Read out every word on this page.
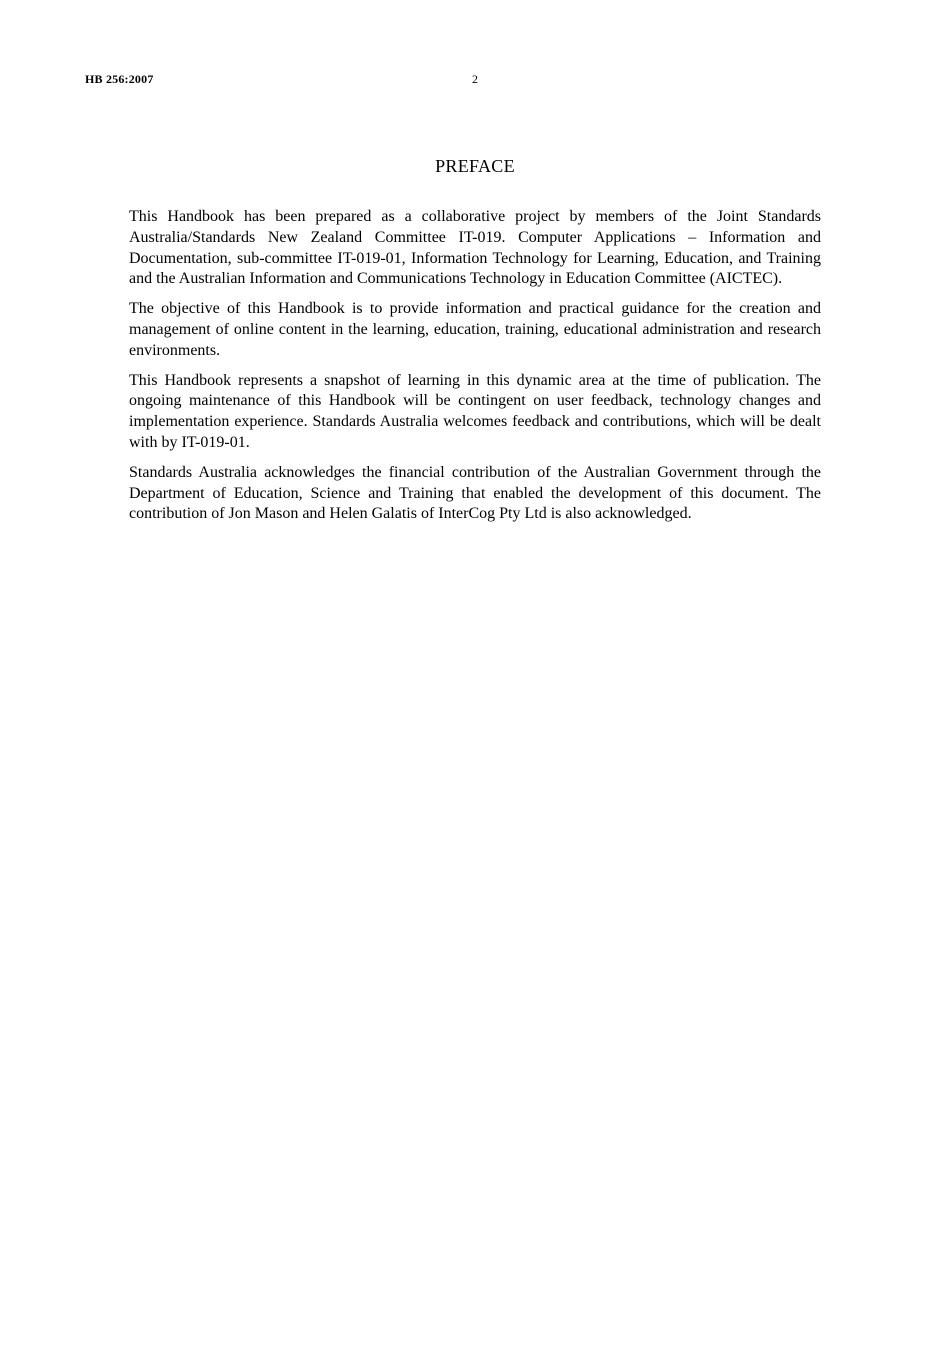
HB 256:2007	2
PREFACE

This Handbook has been prepared as a collaborative project by members of the Joint Standards Australia/Standards New Zealand Committee IT-019. Computer Applications – Information and Documentation, sub-committee IT-019-01, Information Technology for Learning, Education, and Training and the Australian Information and Communications Technology in Education Committee (AICTEC).

The objective of this Handbook is to provide information and practical guidance for the creation and management of online content in the learning, education, training, educational administration and research environments.

This Handbook represents a snapshot of learning in this dynamic area at the time of publication. The ongoing maintenance of this Handbook will be contingent on user feedback, technology changes and implementation experience. Standards Australia welcomes feedback and contributions, which will be dealt with by IT-019-01.

Standards Australia acknowledges the financial contribution of the Australian Government through the Department of Education, Science and Training that enabled the development of this document. The contribution of Jon Mason and Helen Galatis of InterCog Pty Ltd is also acknowledged.
